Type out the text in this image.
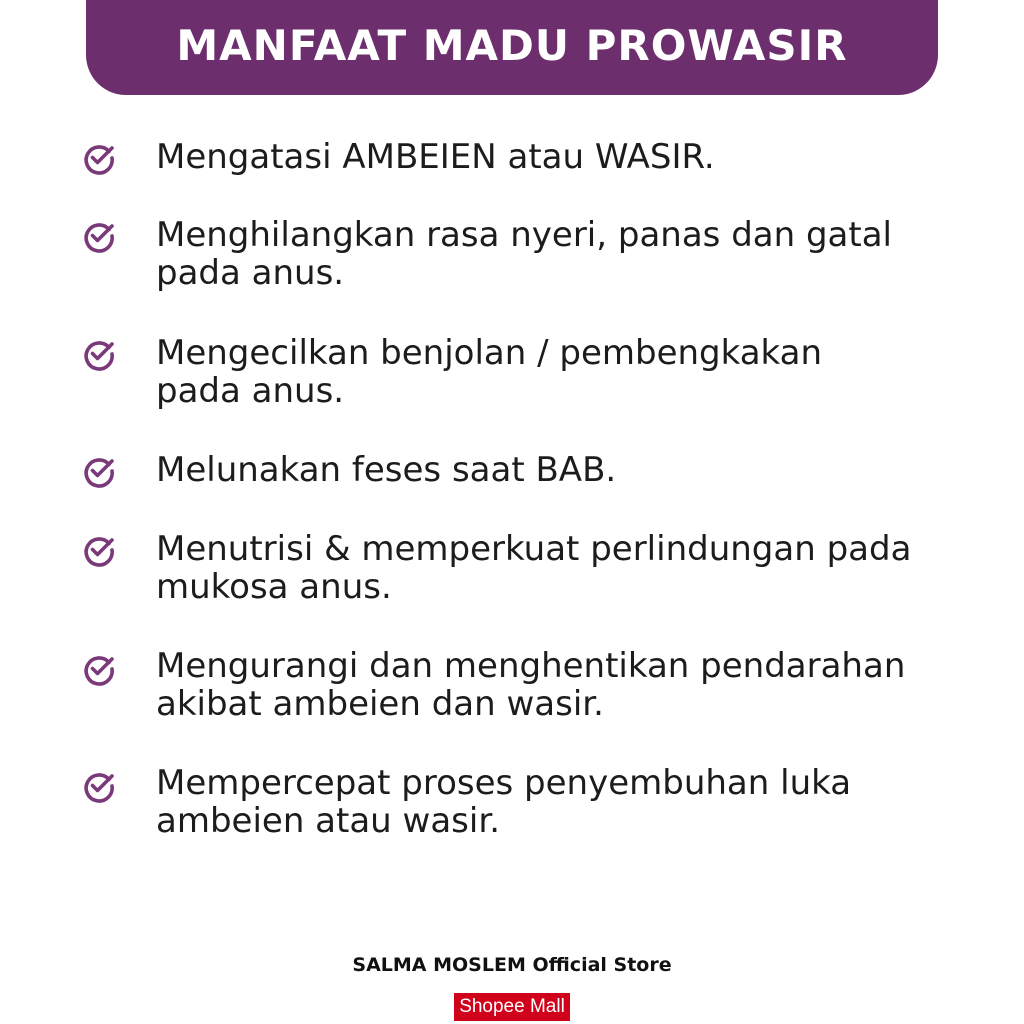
MANFAAT MADU PROWASIR
Mengatasi AMBEIEN atau WASIR.
Menghilangkan rasa nyeri, panas dan gatal
pada anus.
Mengecilkan benjolan / pembengkakan
pada anus.
Melunakan feses saat BAB.
Menutrisi & memperkuat perlindungan pada
mukosa anus.
Mengurangi dan menghentikan pendarahan
akibat ambeien dan wasir.
Mempercepat proses penyembuhan luka
ambeien atau wasir.
SALMA MOSLEM Official Store
Shopee Mall
